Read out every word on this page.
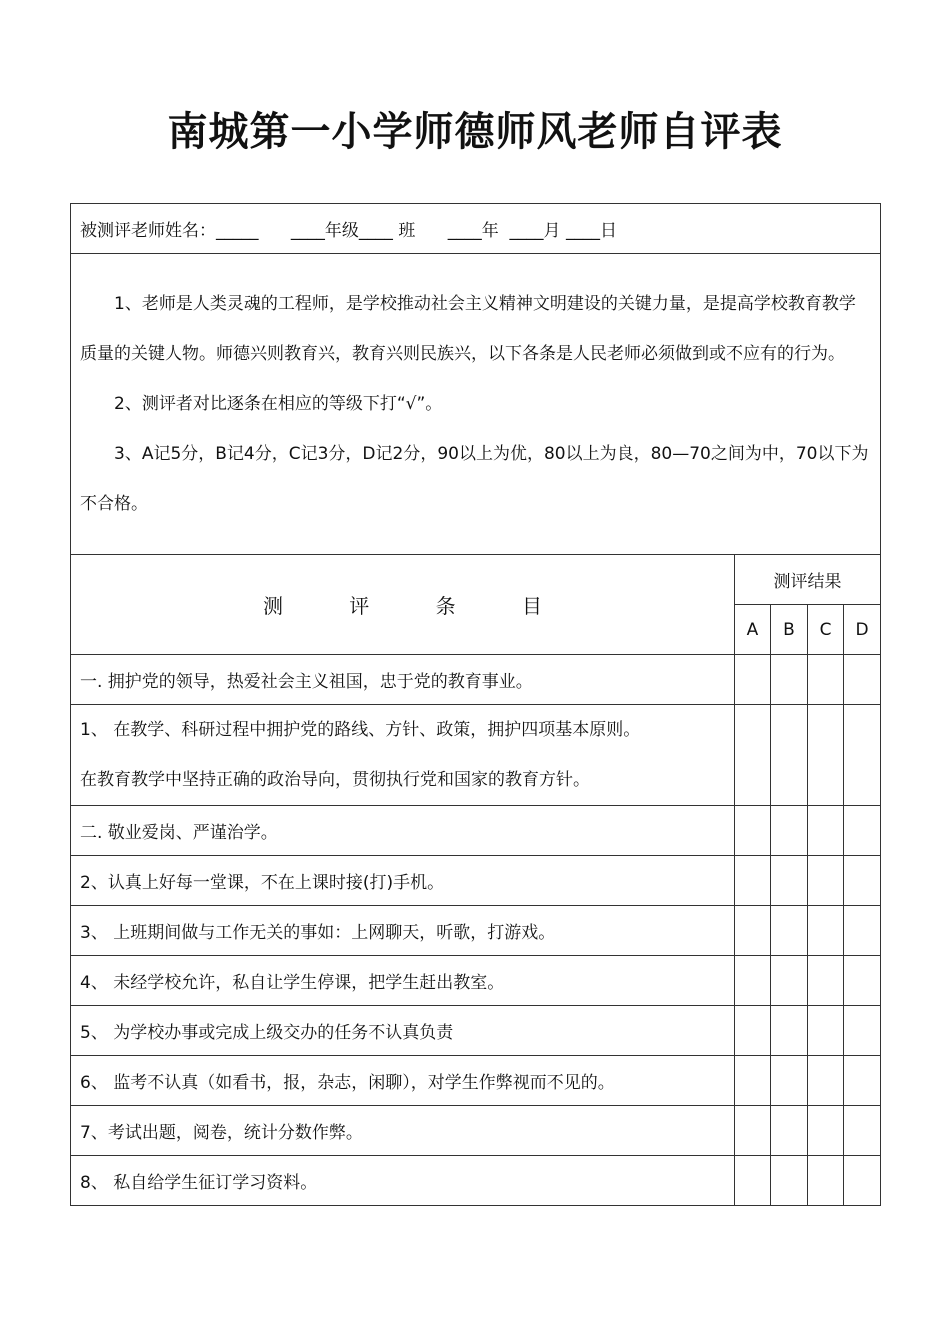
南城第一小学师德师风老师自评表
被测评老师姓名：_____      ____年级____ 班      ____年  ____月 ____日				

1、老师是人类灵魂的工程师，是学校推动社会主义精神文明建设的关键力量，是提高学校教育教学质量的关键人物。师德兴则教育兴，教育兴则民族兴，以下各条是人民老师必须做到或不应有的行为。

2、测评者对比逐条在相应的等级下打“√”。

3、A记5分，B记4分，C记3分，D记2分，90以上为优，80以上为良，80—70之间为中，70以下为不合格。				

测 评 条 目	测评结果			
	A	B	C	D
一. 拥护党的领导，热爱社会主义祖国，忠于党的教育事业。				

1、 在教学、科研过程中拥护党的路线、方针、政策，拥护四项基本原则。
在教育教学中坚持正确的政治导向，贯彻执行党和国家的教育方针。				

二. 敬业爱岗、严谨治学。				
2、认真上好每一堂课，不在上课时接(打)手机。				
3、 上班期间做与工作无关的事如：上网聊天，听歌，打游戏。				
4、 未经学校允许，私自让学生停课，把学生赶出教室。				
5、 为学校办事或完成上级交办的任务不认真负责				
6、 监考不认真（如看书，报，杂志，闲聊），对学生作弊视而不见的。				
7、考试出题，阅卷，统计分数作弊。				
8、 私自给学生征订学习资料。				
